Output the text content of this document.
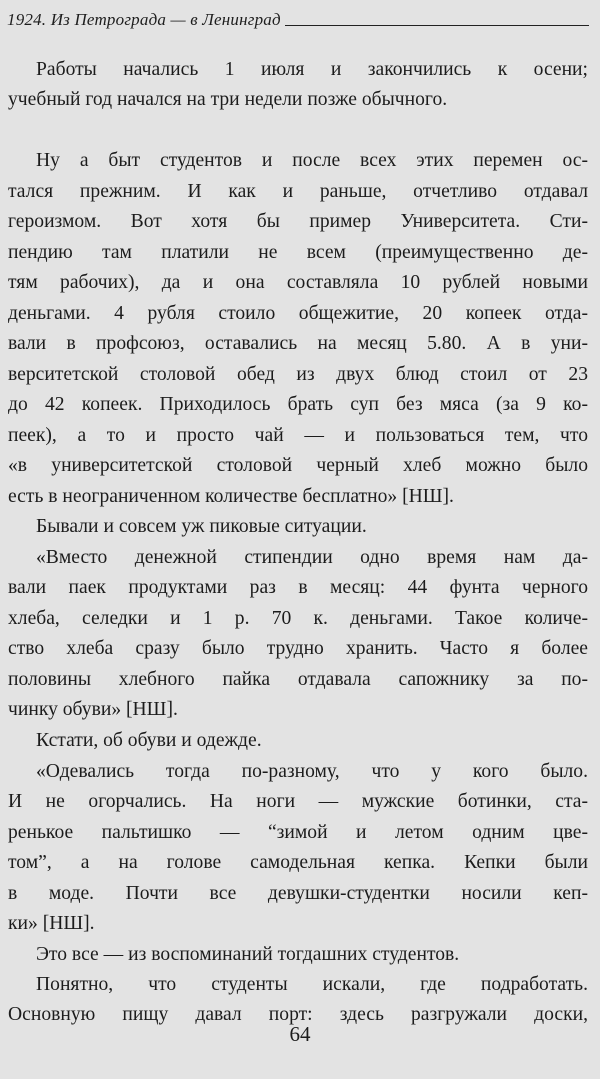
1924. Из Петрограда — в Ленинград
Работы начались 1 июля и закончились к осени;
учебный год начался на три недели позже обычного.
Ну а быт студентов и после всех этих перемен ос-
тался прежним. И как и раньше, отчетливо отдавал
героизмом. Вот хотя бы пример Университета. Сти-
пендию там платили не всем (преимущественно де-
тям рабочих), да и она составляла 10 рублей новыми
деньгами. 4 рубля стоило общежитие, 20 копеек отда-
вали в профсоюз, оставались на месяц 5.80. А в уни-
верситетской столовой обед из двух блюд стоил от 23
до 42 копеек. Приходилось брать суп без мяса (за 9 ко-
пеек), а то и просто чай — и пользоваться тем, что
«в университетской столовой черный хлеб можно было
есть в неограниченном количестве бесплатно» [НШ].
Бывали и совсем уж пиковые ситуации.
«Вместо денежной стипендии одно время нам да-
вали паек продуктами раз в месяц: 44 фунта черного
хлеба, селедки и 1 р. 70 к. деньгами. Такое количе-
ство хлеба сразу было трудно хранить. Часто я более
половины хлебного пайка отдавала сапожнику за по-
чинку обуви» [НШ].
Кстати, об обуви и одежде.
«Одевались тогда по-разному, что у кого было.
И не огорчались. На ноги — мужские ботинки, ста-
ренькое пальтишко — “зимой и летом одним цве-
том”, а на голове самодельная кепка. Кепки были
в моде. Почти все девушки-студентки носили кеп-
ки» [НШ].
Это все — из воспоминаний тогдашних студентов.
Понятно, что студенты искали, где подработать.
Основную пищу давал порт: здесь разгружали доски,
64
